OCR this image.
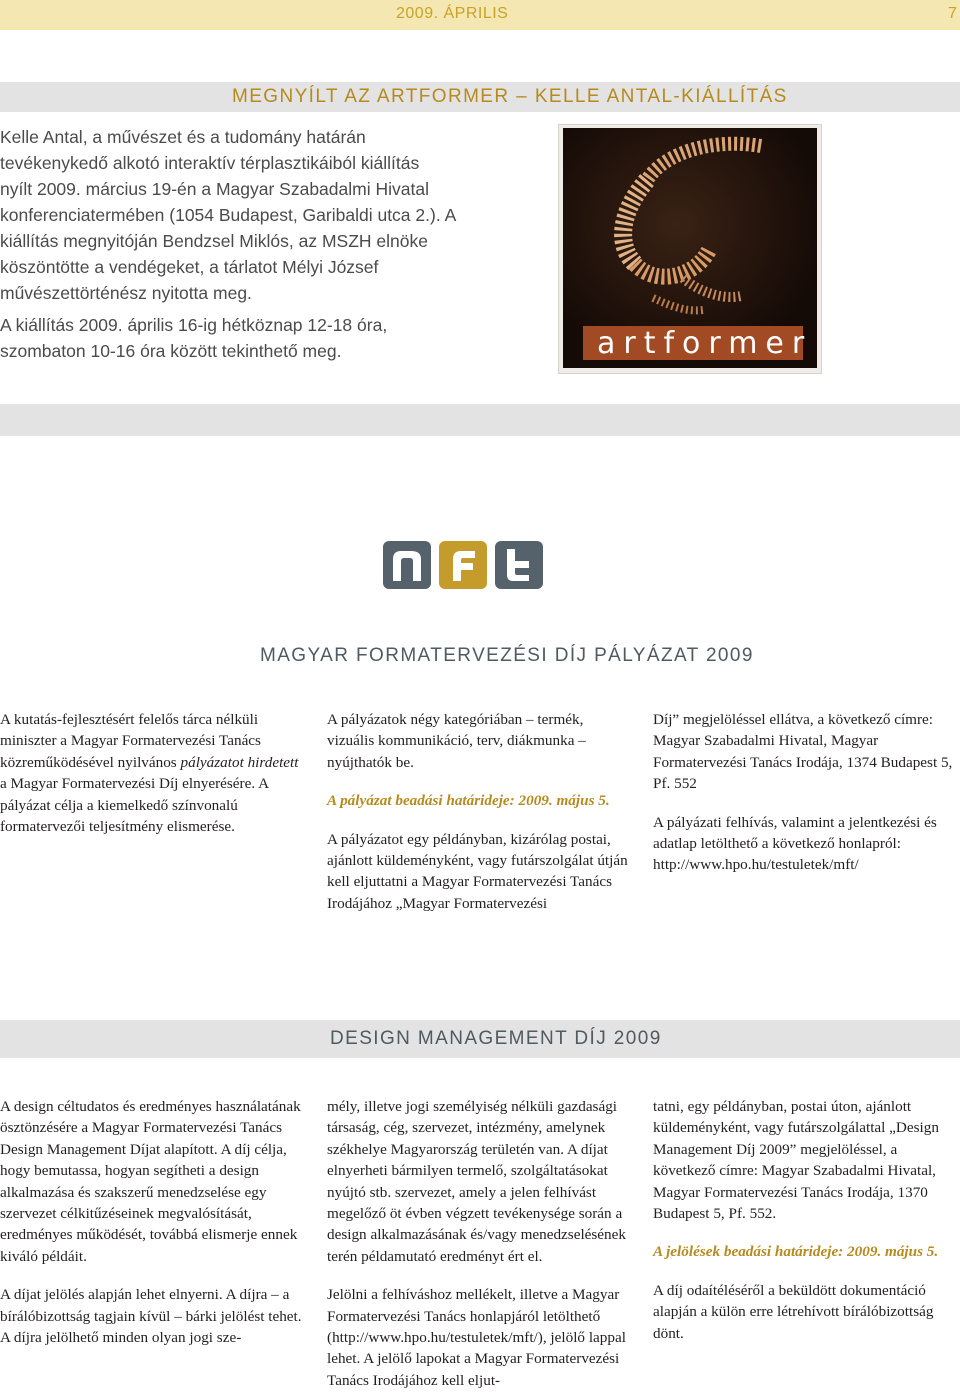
2009. ÁPRILIS	7
MEGNYÍLT AZ ARTFORMER – KELLE ANTAL-KIÁLLÍTÁS

Kelle Antal, a művészet és a tudomány határán tevékenykedő alkotó interaktív térplasztikáiból kiállítás nyílt 2009. március 19-én a Magyar Szabadalmi Hivatal konferenciatermében (1054 Budapest, Garibaldi utca 2.). A kiállítás megnyitóján Bendzsel Miklós, az MSZH elnöke köszöntötte a vendégeket, a tárlatot Mélyi József művészettörténész nyitotta meg.

A kiállítás 2009. április 16-ig hétköznap 12-18 óra, szombaton 10-16 óra között tekinthető meg.	artformer
MAGYAR FORMATERVEZÉSI DÍJ PÁLYÁZAT 2009

A kutatás-fejlesztésért felelős tárca nélküli miniszter a Magyar Formatervezési Tanács közreműködésével nyilvános pályázatot hirdetett a Magyar Formatervezési Díj elnyerésére. A pályázat célja a kiemelkedő színvonalú formatervezői teljesítmény elismerése.

A pályázatok négy kategóriában – termék, vizuális kommunikáció, terv, diákmunka – nyújthatók be.

A pályázat beadási határideje: 2009. május 5.

A pályázatot egy példányban, kizárólag postai, ajánlott küldeményként, vagy futárszolgálat útján kell eljuttatni a Magyar Formatervezési Tanács Irodájához „Magyar Formatervezési

Díj” megjelöléssel ellátva, a következő címre: Magyar Szabadalmi Hivatal, Magyar Formatervezési Tanács Irodája, 1374 Budapest 5, Pf. 552

A pályázati felhívás, valamint a jelentkezési és adatlap letölthető a következő honlapról: http://www.hpo.hu/testuletek/mft/

DESIGN MANAGEMENT DÍJ 2009

A design céltudatos és eredményes használatának ösztönzésére a Magyar Formatervezési Tanács Design Management Díjat alapított. A díj célja, hogy bemutassa, hogyan segítheti a design alkalmazása és szakszerű menedzselése egy szervezet célkitűzéseinek megvalósítását, eredményes működését, továbbá elismerje ennek kiváló példáit.

A díjat jelölés alapján lehet elnyerni. A díjra – a bírálóbizottság tagjain kívül – bárki jelölést tehet. A díjra jelölhető minden olyan jogi sze-

mély, illetve jogi személyiség nélküli gazdasági társaság, cég, szervezet, intézmény, amelynek székhelye Magyarország területén van. A díjat elnyerheti bármilyen termelő, szolgáltatásokat nyújtó stb. szervezet, amely a jelen felhívást megelőző öt évben végzett tevékenysége során a design alkalmazásának és/vagy menedzselésének terén példamutató eredményt ért el.

Jelölni a felhíváshoz mellékelt, illetve a Magyar Formatervezési Tanács honlapjáról letölthető (http://www.hpo.hu/testuletek/mft/), jelölő lappal lehet. A jelölő lapokat a Magyar Formatervezési Tanács Irodájához kell eljut-

tatni, egy példányban, postai úton, ajánlott küldeményként, vagy futárszolgálattal „Design Management Díj 2009” megjelöléssel, a következő címre: Magyar Szabadalmi Hivatal, Magyar Formatervezési Tanács Irodája, 1370 Budapest 5, Pf. 552.

A jelölések beadási határideje: 2009. május 5.

A díj odaítéléséről a beküldött dokumentáció alapján a külön erre létrehívott bírálóbizottság dönt.
